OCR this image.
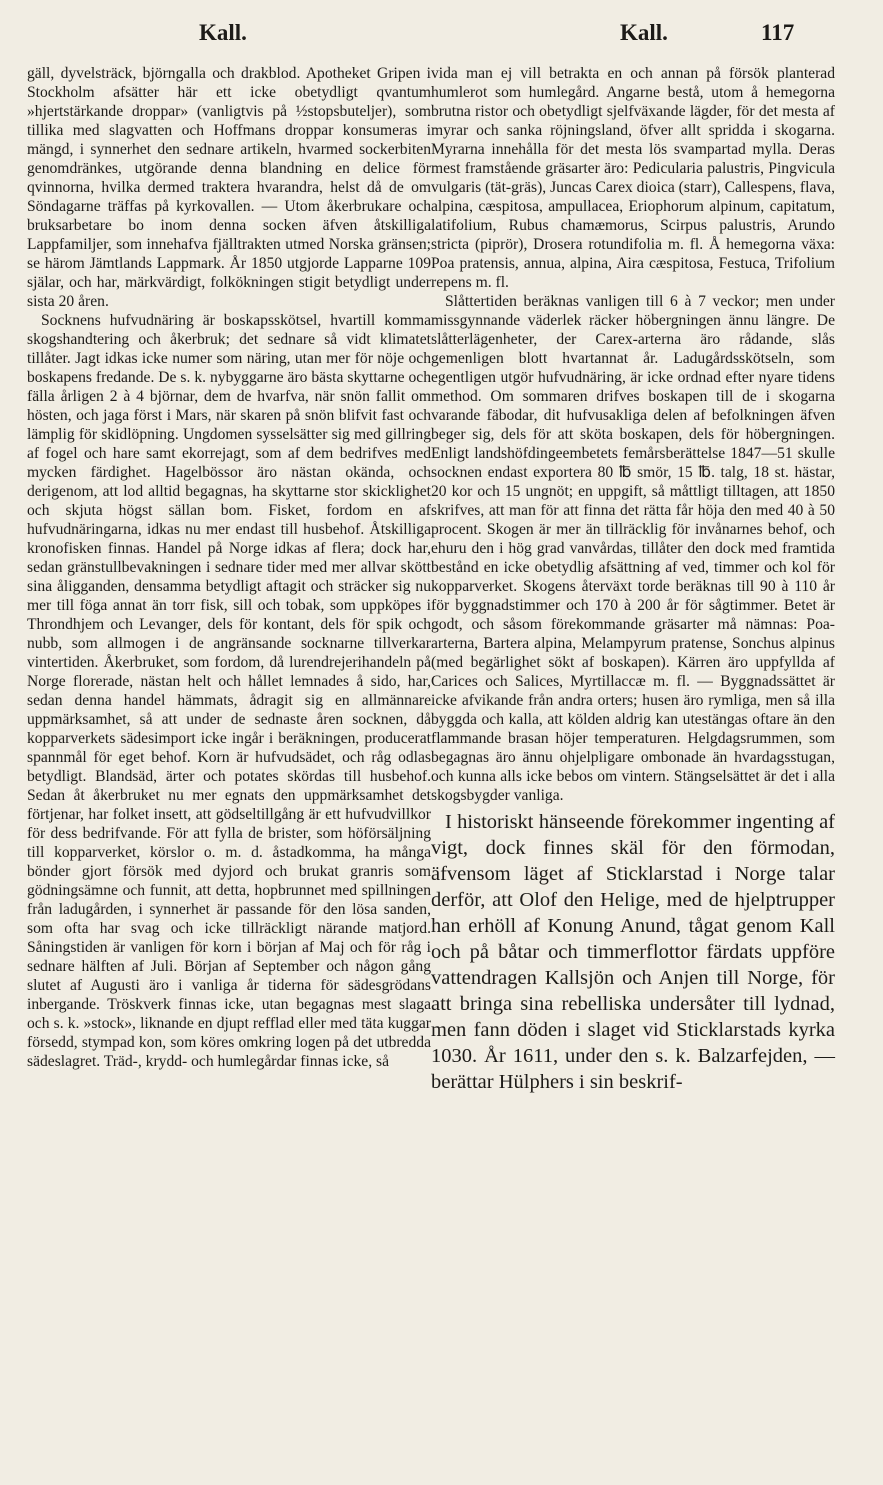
Kall.	Kall.	117

gäll, dyvelsträck, björngalla och drakblod. Apotheket Gripen i Stockholm afsätter här ett icke obetydligt qvantum »hjertstärkande droppar» (vanligtvis på ½stopsbuteljer), som tillika med slagvatten och Hoffmans droppar konsumeras i mängd, i synnerhet den sednare artikeln, hvarmed sockerbiten genomdränkes, utgörande denna blandning en delice för qvinnorna, hvilka dermed traktera hvarandra, helst då de om Söndagarne träffas på kyrkovallen. — Utom åkerbrukare och bruksarbetare bo inom denna socken äfven åtskilliga Lappfamiljer, som innehafva fjälltrakten utmed Norska gränsen; se härom Jämtlands Lappmark. År 1850 utgjorde Lapparne 109 själar, och har, märkvärdigt, folkökningen stigit betydligt under sista 20 åren.

Socknens hufvudnäring är boskapsskötsel, hvartill komma skogshandtering och åkerbruk; det sednare så vidt klimatet tillåter. Jagt idkas icke numer som näring, utan mer för nöje och boskapens fredande. De s. k. nybyggarne äro bästa skyttarne och fälla årligen 2 à 4 björnar, dem de hvarfva, när snön fallit om hösten, och jaga först i Mars, när skaren på snön blifvit fast och lämplig för skidlöpning. Ungdomen sysselsätter sig med gillring af fogel och hare samt ekorrejagt, som af dem bedrifves med mycken färdighet. Hagelbössor äro nästan okända, och derigenom, att lod alltid begagnas, ha skyttarne stor skicklighet och skjuta högst sällan bom. Fisket, fordom en af hufvudnäringarna, idkas nu mer endast till husbehof. Åtskilliga kronofisken finnas. Handel på Norge idkas af flera; dock har, sedan gränstullbevakningen i sednare tider med mer allvar skött sina åligganden, densamma betydligt aftagit och sträcker sig nu mer till föga annat än torr fisk, sill och tobak, som uppköpes i Throndhjem och Levanger, dels för kontant, dels för spik och nubb, som allmogen i de angränsande socknarne tillverkar vintertiden. Åkerbruket, som fordom, då lurendrejerihandeln på Norge florerade, nästan helt och hållet lemnades å sido, har, sedan denna handel hämmats, ådragit sig en allmännare uppmärksamhet, så att under de sednaste åren socknen, då kopparverkets sädesimport icke ingår i beräkningen, producerat spannmål för eget behof. Korn är hufvudsädet, och råg odlas betydligt. Blandsäd, ärter och potates skördas till husbehof. Sedan åt åkerbruket nu mer egnats den uppmärksamhet det förtjenar, har folket insett, att gödseltillgång är ett hufvudvillkor för dess bedrifvande. För att fylla de brister, som höförsäljning till kopparverket, körslor o. m. d. åstadkomma, ha många bönder gjort försök med dyjord och brukat granris som gödningsämne och funnit, att detta, hopbrunnet med spillningen från ladugården, i synnerhet är passande för den lösa sanden, som ofta har svag och icke tillräckligt närande matjord. Såningstiden är vanligen för korn i början af Maj och för råg i sednare hälften af Juli. Början af September och någon gång slutet af Augusti äro i vanliga år tiderna för sädesgrödans inbergande. Tröskverk finnas icke, utan begagnas mest slaga och s. k. »stock», liknande en djupt refflad eller med täta kuggar försedd, stympad kon, som köres omkring logen på det utbredda sädeslagret. Träd-, krydd- och humlegårdar finnas icke, så

vida man ej vill betrakta en och annan på försök planterad humlerot som humlegård. Angarne bestå, utom å hemegorna brutna ristor och obetydligt sjelfväxande lägder, för det mesta af myrar och sanka röjningsland, öfver allt spridda i skogarna. Myrarna innehålla för det mesta lös svampartad mylla. Deras mest framstående gräsarter äro: Pedicularia palustris, Pingvicula vulgaris (tät-gräs), Juncas Carex dioica (starr), Callespens, flava, alpina, cæspitosa, ampullacea, Eriophorum alpinum, capitatum, latifolium, Rubus chamæmorus, Scirpus palustris, Arundo stricta (piprör), Drosera rotundifolia m. fl. Å hemegorna växa: Poa pratensis, annua, alpina, Aira cæspitosa, Festuca, Trifolium repens m. fl.

Slåttertiden beräknas vanligen till 6 à 7 veckor; men under missgynnande väderlek räcker höbergningen ännu längre. De slåtterlägenheter, der Carex-arterna äro rådande, slås gemenligen blott hvartannat år. Ladugårdsskötseln, som egentligen utgör hufvudnäring, är icke ordnad efter nyare tidens method. Om sommaren drifves boskapen till de i skogarna varande fäbodar, dit hufvusakliga delen af befolkningen äfven beger sig, dels för att sköta boskapen, dels för höbergningen. Enligt landshöfdingeembetets femårsberättelse 1847—51 skulle socknen endast exportera 80 ℔ smör, 15 ℔. talg, 18 st. hästar, 20 kor och 15 ungnöt; en uppgift, så måttligt tilltagen, att 1850 skrifves, att man för att finna det rätta får höja den med 40 à 50 procent. Skogen är mer än tillräcklig för invånarnes behof, och ehuru den i hög grad vanvårdas, tillåter den dock med framtida bestånd en icke obetydlig afsättning af ved, timmer och kol för kopparverket. Skogens återväxt torde beräknas till 90 à 110 år för byggnadstimmer och 170 à 200 år för sågtimmer. Betet är godt, och såsom förekommande gräsarter må nämnas: Poa-arterna, Bartera alpina, Melampyrum pratense, Sonchus alpinus (med begärlighet sökt af boskapen). Kärren äro uppfyllda af Carices och Salices, Myrtillaccæ m. fl. — Byggnadssättet är icke afvikande från andra orters; husen äro rymliga, men så illa byggda och kalla, att kölden aldrig kan utestängas oftare än den flammande brasan höjer temperaturen. Helgdagsrummen, som begagnas äro ännu ohjelpligare ombonade än hvardagsstugan, och kunna alls icke bebos om vintern. Stängselsättet är det i alla skogsbygder vanliga.

I historiskt hänseende förekommer ingenting af vigt, dock finnes skäl för den förmodan, äfvensom läget af Sticklarstad i Norge talar derför, att Olof den Helige, med de hjelptrupper han erhöll af Konung Anund, tågat genom Kall och på båtar och timmerflottor färdats uppföre vattendragen Kallsjön och Anjen till Norge, för att bringa sina rebelliska undersåter till lydnad, men fann döden i slaget vid Sticklarstads kyrka 1030. År 1611, under den s. k. Balzarfejden, — berättar Hülphers i sin beskrif-
